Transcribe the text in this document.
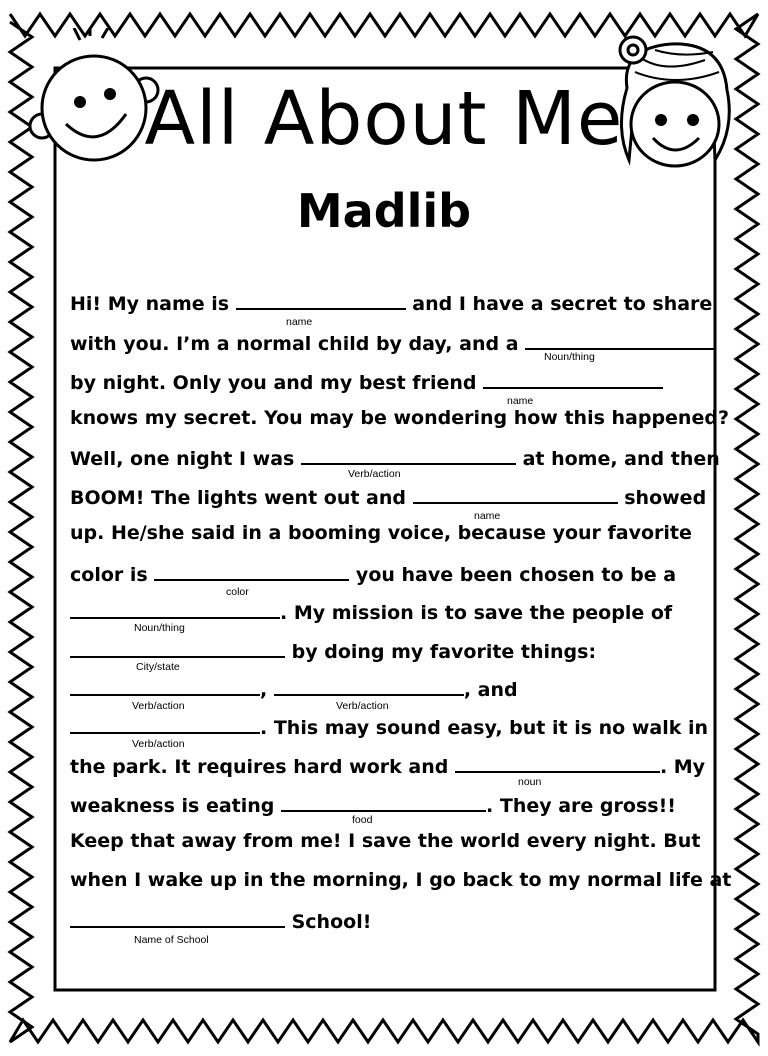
All About Me
Madlib
Hi! My name is	and I have a secret to share
with you. I’m a normal child by day, and a
by night. Only you and my best friend
knows my secret. You may be wondering how this happened?
Well, one night I was	at home, and then
BOOM! The lights went out and	showed
up. He/she said in a booming voice, because your favorite
color is	you have been chosen to be a
. My mission is to save the people of
by doing my favorite things:
,	, and
. This may sound easy, but it is no walk in
the park. It requires hard work and	. My
weakness is eating	. They are gross!!
Keep that away from me! I save the world every night. But
when I wake up in the morning, I go back to my normal life at
School!
name
Noun/thing
name
Verb/action
name
color
Noun/thing
City/state
Verb/action	Verb/action
Verb/action
noun
food
Name of School
